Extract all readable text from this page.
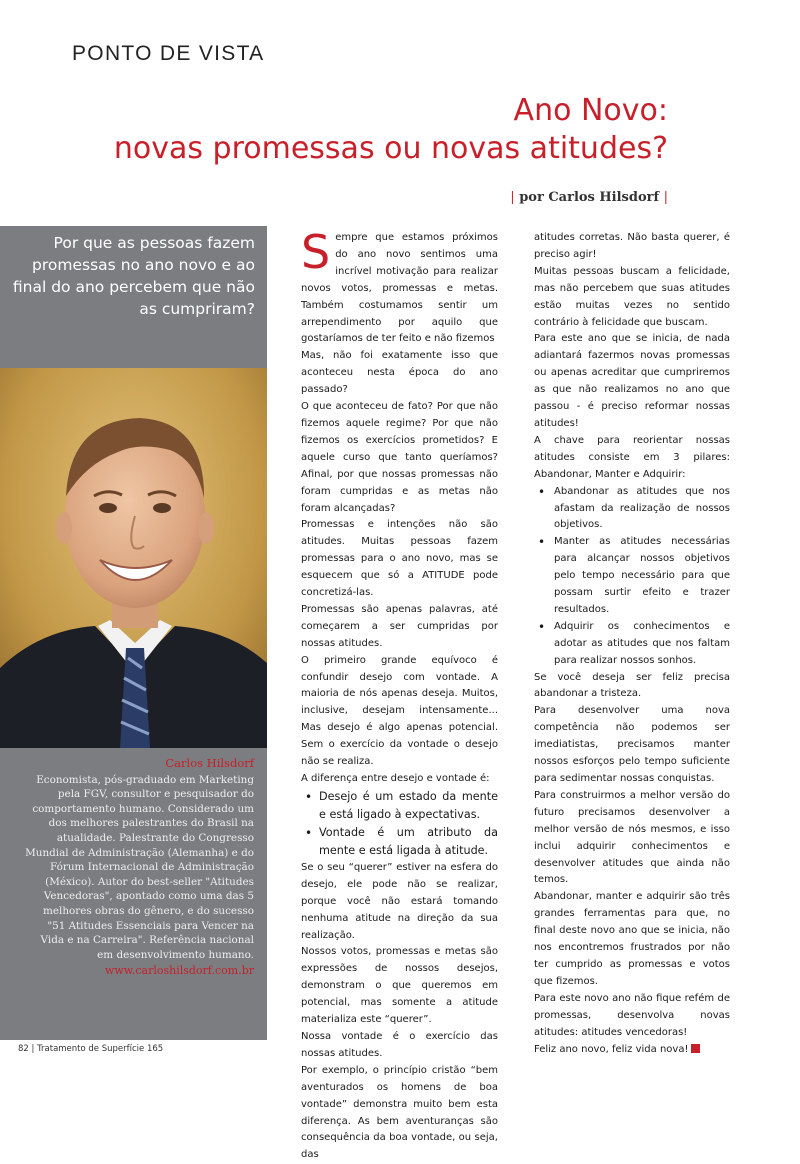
PONTO DE VISTA
Ano Novo:
novas promessas ou novas atitudes?
| por Carlos Hilsdorf |
Por que as pessoas fazem promessas no ano novo e ao final do ano percebem que não as cumpriram?
Carlos Hilsdorf
Economista, pós-graduado em Marketing pela FGV, consultor e pesquisador do comportamento humano. Considerado um dos melhores palestrantes do Brasil na atualidade. Palestrante do Congresso Mundial de Administração (Alemanha) e do Fórum Internacional de Administração (México). Autor do best-seller "Atitudes Vencedoras", apontado como uma das 5 melhores obras do gênero, e do sucesso "51 Atitudes Essenciais para Vencer na Vida e na Carreira". Referência nacional em desenvolvimento humano.
www.carloshilsdorf.com.br

Sempre que estamos próximos do ano novo sentimos uma incrível motivação para realizar novos votos, promessas e metas. Também costumamos sentir um arrependimento por aquilo que gostaríamos de ter feito e não fizemos

Mas, não foi exatamente isso que aconteceu nesta época do ano passado?

O que aconteceu de fato? Por que não fizemos aquele regime? Por que não fizemos os exercícios prometidos? E aquele curso que tanto queríamos? Afinal, por que nossas promessas não foram cumpridas e as metas não foram alcançadas?

Promessas e intenções não são atitudes. Muitas pessoas fazem promessas para o ano novo, mas se esquecem que só a ATITUDE pode concretizá-las.

Promessas são apenas palavras, até começarem a ser cumpridas por nossas atitudes.

O primeiro grande equívoco é confundir desejo com vontade. A maioria de nós apenas deseja. Muitos, inclusive, desejam intensamente... Mas desejo é algo apenas potencial. Sem o exercício da vontade o desejo não se realiza.

A diferença entre desejo e vontade é:

• Desejo é um estado da mente e está ligado à expectativas.
• Vontade é um atributo da mente e está ligada à atitude.

Se o seu “querer” estiver na esfera do desejo, ele pode não se realizar, porque você não estará tomando nenhuma atitude na direção da sua realização.

Nossos votos, promessas e metas são expressões de nossos desejos, demonstram o que queremos em potencial, mas somente a atitude materializa este “querer”.

Nossa vontade é o exercício das nossas atitudes.

Por exemplo, o princípio cristão “bem aventurados os homens de boa vontade” demonstra muito bem esta diferença. As bem aventuranças são consequência da boa vontade, ou seja, das

atitudes corretas. Não basta querer, é preciso agir!

Muitas pessoas buscam a felicidade, mas não percebem que suas atitudes estão muitas vezes no sentido contrário à felicidade que buscam.

Para este ano que se inicia, de nada adiantará fazermos novas promessas ou apenas acreditar que cumpriremos as que não realizamos no ano que passou - é preciso reformar nossas atitudes!

A chave para reorientar nossas atitudes consiste em 3 pilares: Abandonar, Manter e Adquirir:

• Abandonar as atitudes que nos afastam da realização de nossos objetivos.
• Manter as atitudes necessárias para alcançar nossos objetivos pelo tempo necessário para que possam surtir efeito e trazer resultados.
• Adquirir os conhecimentos e adotar as atitudes que nos faltam para realizar nossos sonhos.

Se você deseja ser feliz precisa abandonar a tristeza.

Para desenvolver uma nova competência não podemos ser imediatistas, precisamos manter nossos esforços pelo tempo suficiente para sedimentar nossas conquistas.

Para construirmos a melhor versão do futuro precisamos desenvolver a melhor versão de nós mesmos, e isso inclui adquirir conhecimentos e desenvolver atitudes que ainda não temos.

Abandonar, manter e adquirir são três grandes ferramentas para que, no final deste novo ano que se inicia, não nos encontremos frustrados por não ter cumprido as promessas e votos que fizemos.

Para este novo ano não fique refém de promessas, desenvolva novas atitudes: atitudes vencedoras!

Feliz ano novo, feliz vida nova!

82 | Tratamento de Superfície 165
